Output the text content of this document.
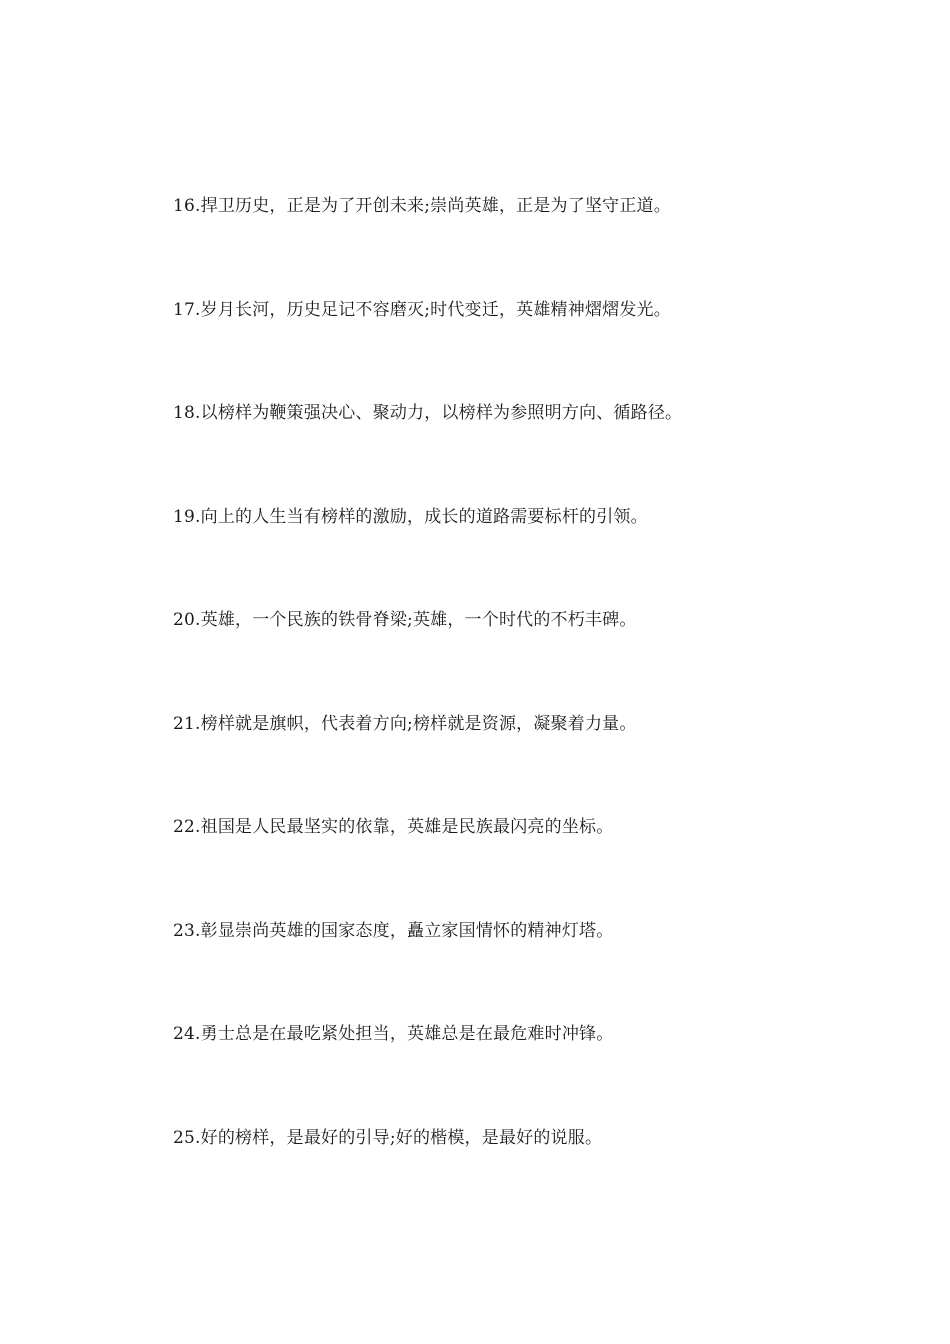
16.捍卫历史，正是为了开创未来;崇尚英雄，正是为了坚守正道。
17.岁月长河，历史足记不容磨灭;时代变迁，英雄精神熠熠发光。
18.以榜样为鞭策强决心、聚动力，以榜样为参照明方向、循路径。
19.向上的人生当有榜样的激励，成长的道路需要标杆的引领。
20.英雄，一个民族的铁骨脊梁;英雄，一个时代的不朽丰碑。
21.榜样就是旗帜，代表着方向;榜样就是资源，凝聚着力量。
22.祖国是人民最坚实的依靠，英雄是民族最闪亮的坐标。
23.彰显崇尚英雄的国家态度，矗立家国情怀的精神灯塔。
24.勇士总是在最吃紧处担当，英雄总是在最危难时冲锋。
25.好的榜样，是最好的引导;好的楷模，是最好的说服。
